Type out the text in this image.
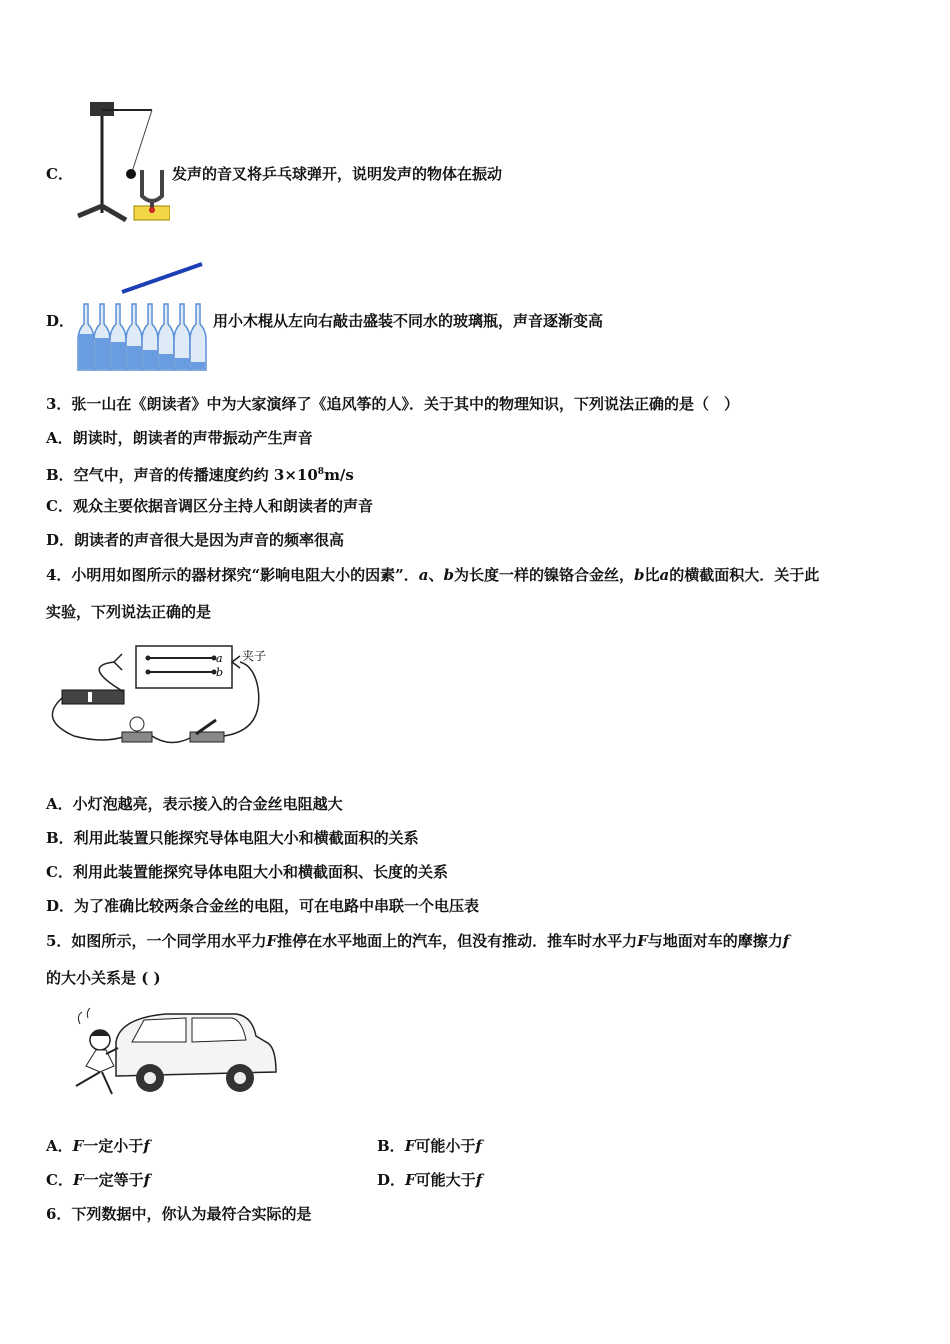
C．	发声的音叉将乒乓球弹开，说明发声的物体在振动
D．	用小木棍从左向右敲击盛装不同水的玻璃瓶，声音逐渐变高
3．张一山在《朗读者》中为大家演绎了《追风筝的人》．关于其中的物理知识，下列说法正确的是（　）
A．朗读时，朗读者的声带振动产生声音
B．空气中，声音的传播速度约约 $3\times 10^8m/s$
C．观众主要依据音调区分主持人和朗读者的声音
D．朗读者的声音很大是因为声音的频率很高
4．小明用如图所示的器材探究“影响电阻大小的因素”．a、b为长度一样的镍铬合金丝，b比a的横截面积大．关于此
实验，下列说法正确的是
a
b
夹子
A．小灯泡越亮，表示接入的合金丝电阻越大
B．利用此装置只能探究导体电阻大小和横截面积的关系
C．利用此装置能探究导体电阻大小和横截面积、长度的关系
D．为了准确比较两条合金丝的电阻，可在电路中串联一个电压表
5．如图所示，一个同学用水平力F推停在水平地面上的汽车，但没有推动．推车时水平力F与地面对车的摩擦力f
的大小关系是 ( )
A．F一定小于f	B．F可能小于f
C．F一定等于f	D．F可能大于f
6．下列数据中，你认为最符合实际的是
